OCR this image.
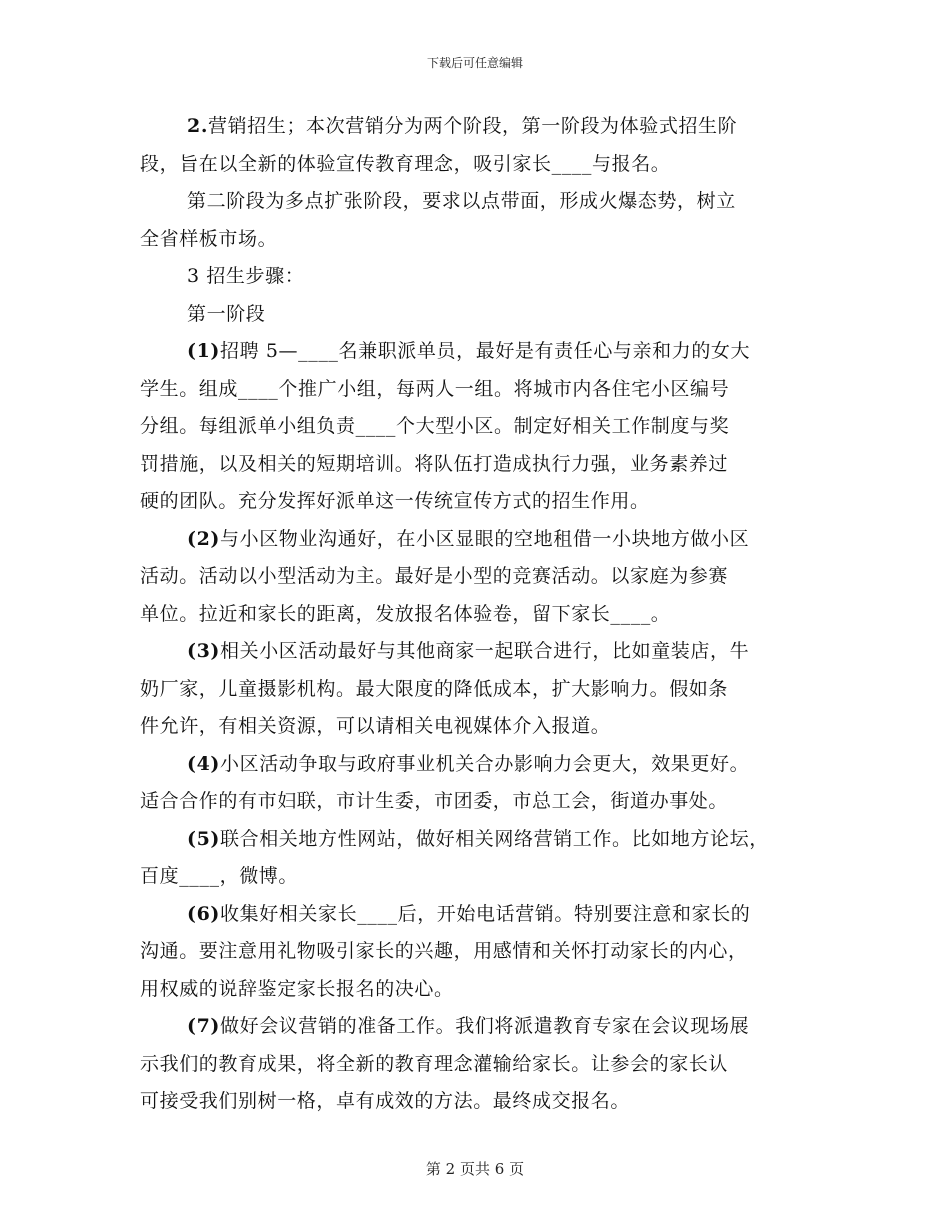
下载后可任意编辑
2.营销招生；本次营销分为两个阶段，第一阶段为体验式招生阶
段，旨在以全新的体验宣传教育理念，吸引家长____与报名。
第二阶段为多点扩张阶段，要求以点带面，形成火爆态势，树立
全省样板市场。
3 招生步骤：
第一阶段
(1)招聘 5—____名兼职派单员，最好是有责任心与亲和力的女大
学生。组成____个推广小组，每两人一组。将城市内各住宅小区编号
分组。每组派单小组负责____个大型小区。制定好相关工作制度与奖
罚措施，以及相关的短期培训。将队伍打造成执行力强，业务素养过
硬的团队。充分发挥好派单这一传统宣传方式的招生作用。
(2)与小区物业沟通好，在小区显眼的空地租借一小块地方做小区
活动。活动以小型活动为主。最好是小型的竞赛活动。以家庭为参赛
单位。拉近和家长的距离，发放报名体验卷，留下家长____。
(3)相关小区活动最好与其他商家一起联合进行，比如童装店，牛
奶厂家，儿童摄影机构。最大限度的降低成本，扩大影响力。假如条
件允许，有相关资源，可以请相关电视媒体介入报道。
(4)小区活动争取与政府事业机关合办影响力会更大，效果更好。
适合合作的有市妇联，市计生委，市团委，市总工会，街道办事处。
(5)联合相关地方性网站，做好相关网络营销工作。比如地方论坛，
百度____，微博。
(6)收集好相关家长____后，开始电话营销。特别要注意和家长的
沟通。要注意用礼物吸引家长的兴趣，用感情和关怀打动家长的内心，
用权威的说辞鉴定家长报名的决心。
(7)做好会议营销的准备工作。我们将派遣教育专家在会议现场展
示我们的教育成果，将全新的教育理念灌输给家长。让参会的家长认
可接受我们别树一格，卓有成效的方法。最终成交报名。
第 2 页共 6 页
